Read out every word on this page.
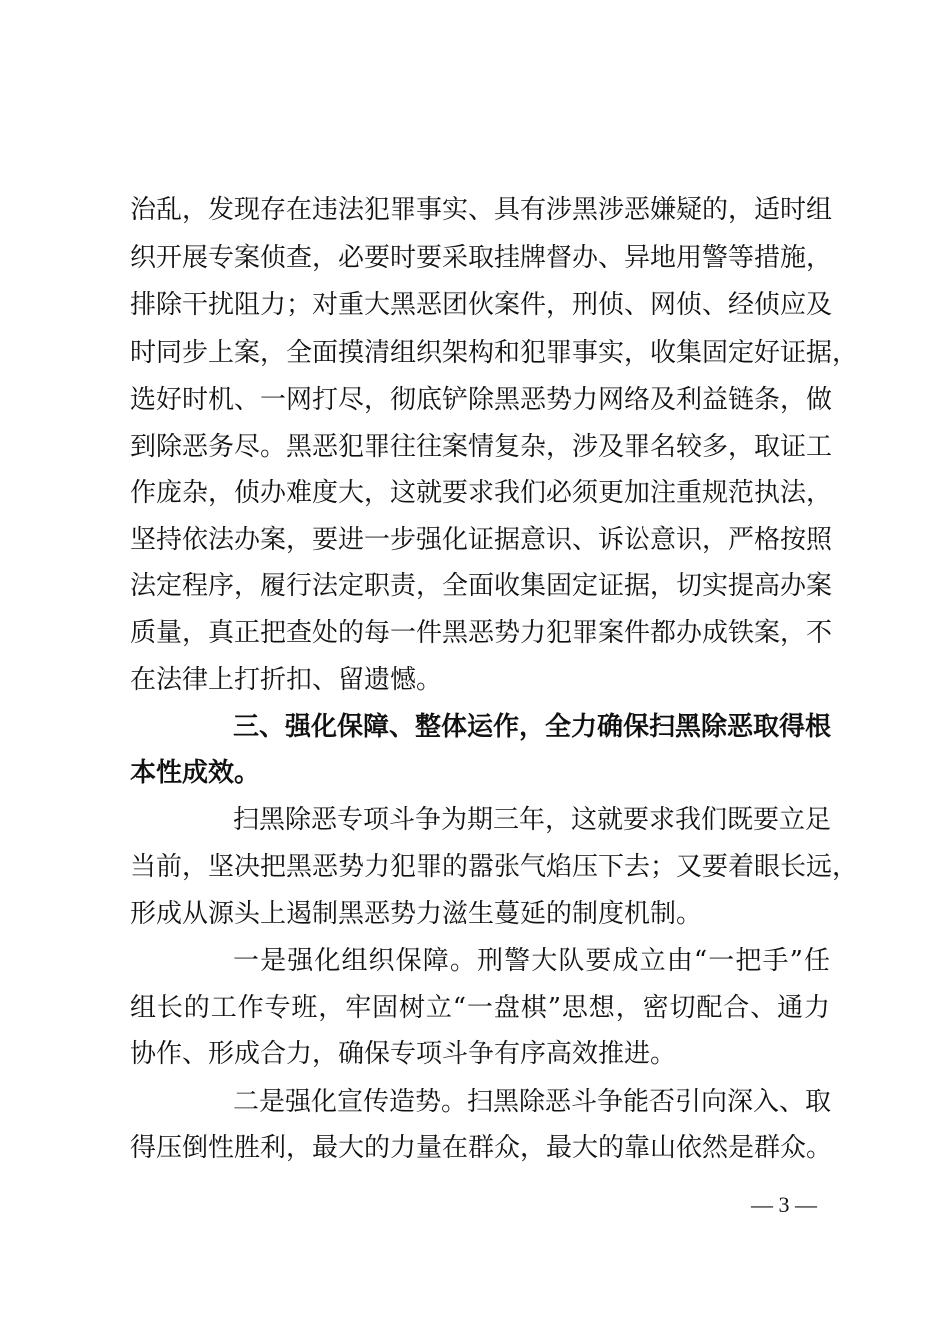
治乱，发现存在违法犯罪事实、具有涉黑涉恶嫌疑的，适时组
织开展专案侦查，必要时要采取挂牌督办、异地用警等措施，
排除干扰阻力；对重大黑恶团伙案件，刑侦、网侦、经侦应及
时同步上案，全面摸清组织架构和犯罪事实，收集固定好证据，
选好时机、一网打尽，彻底铲除黑恶势力网络及利益链条，做
到除恶务尽。黑恶犯罪往往案情复杂，涉及罪名较多，取证工
作庞杂，侦办难度大，这就要求我们必须更加注重规范执法，
坚持依法办案，要进一步强化证据意识、诉讼意识，严格按照
法定程序，履行法定职责，全面收集固定证据，切实提高办案
质量，真正把查处的每一件黑恶势力犯罪案件都办成铁案，不
在法律上打折扣、留遗憾。
三、强化保障、整体运作，全力确保扫黑除恶取得根
本性成效。
扫黑除恶专项斗争为期三年，这就要求我们既要立足
当前，坚决把黑恶势力犯罪的嚣张气焰压下去；又要着眼长远，
形成从源头上遏制黑恶势力滋生蔓延的制度机制。
一是强化组织保障。刑警大队要成立由“一把手”任
组长的工作专班，牢固树立“一盘棋”思想，密切配合、通力
协作、形成合力，确保专项斗争有序高效推进。
二是强化宣传造势。扫黑除恶斗争能否引向深入、取
得压倒性胜利，最大的力量在群众，最大的靠山依然是群众。
— 3 —
